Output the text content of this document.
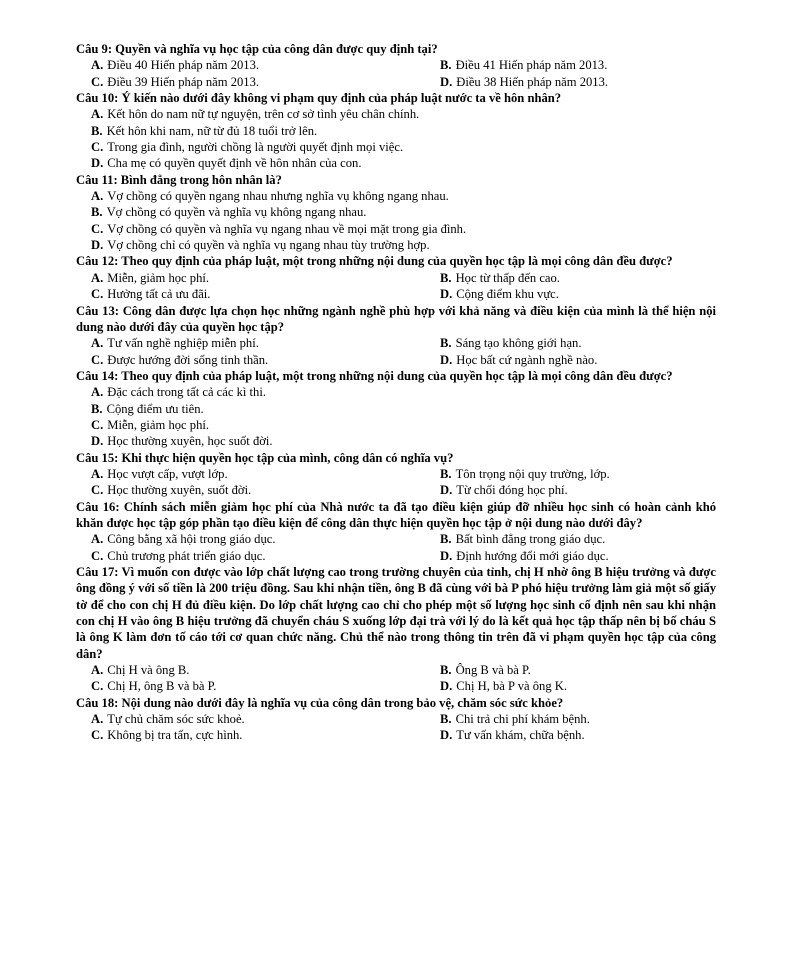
Câu 9: Quyền và nghĩa vụ học tập của công dân được quy định tại?
A. Điều 40 Hiến pháp năm 2013.	B. Điều 41 Hiến pháp năm 2013.
C. Điều 39 Hiến pháp năm 2013.	D. Điều 38 Hiến pháp năm 2013.
Câu 10: Ý kiến nào dưới đây không vi phạm quy định của pháp luật nước ta về hôn nhân?
A. Kết hôn do nam nữ tự nguyện, trên cơ sở tình yêu chân chính.
B. Kết hôn khi nam, nữ từ đủ 18 tuổi trở lên.
C. Trong gia đình, người chồng là người quyết định mọi việc.
D. Cha mẹ có quyền quyết định về hôn nhân của con.
Câu 11: Bình đẳng trong hôn nhân là?
A. Vợ chồng có quyền ngang nhau nhưng nghĩa vụ không ngang nhau.
B. Vợ chồng có quyền và nghĩa vụ không ngang nhau.
C. Vợ chồng có quyền và nghĩa vụ ngang nhau về mọi mặt trong gia đình.
D. Vợ chồng chỉ có quyền và nghĩa vụ ngang nhau tùy trường hợp.
Câu 12: Theo quy định của pháp luật, một trong những nội dung của quyền học tập là mọi công dân đều được?
A. Miễn, giảm học phí.	B. Học từ thấp đến cao.
C. Hưởng tất cả ưu đãi.	D. Cộng điểm khu vực.
Câu 13: Công dân được lựa chọn học những ngành nghề phù hợp với khả năng và điều kiện của mình là thể hiện nội dung nào dưới đây của quyền học tập?
A. Tư vấn nghề nghiệp miễn phí.	B. Sáng tạo không giới hạn.
C. Được hướng đời sống tinh thần.	D. Học bất cứ ngành nghề nào.
Câu 14: Theo quy định của pháp luật, một trong những nội dung của quyền học tập là mọi công dân đều được?
A. Đặc cách trong tất cả các kì thi.
B. Cộng điểm ưu tiên.
C. Miễn, giảm học phí.
D. Học thường xuyên, học suốt đời.
Câu 15: Khi thực hiện quyền học tập của mình, công dân có nghĩa vụ?
A. Học vượt cấp, vượt lớp.	B. Tôn trọng nội quy trường, lớp.
C. Học thường xuyên, suốt đời.	D. Từ chối đóng học phí.
Câu 16: Chính sách miễn giảm học phí của Nhà nước ta đã tạo điều kiện giúp đỡ nhiều học sinh có hoàn cảnh khó khăn được học tập góp phần tạo điều kiện để công dân thực hiện quyền học tập ở nội dung nào dưới đây?
A. Công bằng xã hội trong giáo dục.	B. Bất bình đẳng trong giáo dục.
C. Chủ trương phát triển giáo dục.	D. Định hướng đổi mới giáo dục.
Câu 17: Vì muốn con được vào lớp chất lượng cao trong trường chuyên của tỉnh, chị H nhờ ông B hiệu trưởng và được ông đồng ý với số tiền là 200 triệu đồng. Sau khi nhận tiền, ông B đã cùng với bà P phó hiệu trưởng làm giả một số giấy tờ để cho con chị H đủ điều kiện. Do lớp chất lượng cao chỉ cho phép một số lượng học sinh cố định nên sau khi nhận con chị H vào ông B hiệu trưởng đã chuyển cháu S xuống lớp đại trà với lý do là kết quả học tập thấp nên bị bố cháu S là ông K làm đơn tố cáo tới cơ quan chức năng. Chủ thể nào trong thông tin trên đã vi phạm quyền học tập của công dân?
A. Chị H và ông B.	B. Ông B và bà P.
C. Chị H, ông B và bà P.	D. Chị H, bà P và ông K.
Câu 18: Nội dung nào dưới đây là nghĩa vụ của công dân trong bảo vệ, chăm sóc sức khỏe?
A. Tự chủ chăm sóc sức khoẻ.	B. Chi trả chi phí khám bệnh.
C. Không bị tra tấn, cực hình.	D. Tư vấn khám, chữa bệnh.
